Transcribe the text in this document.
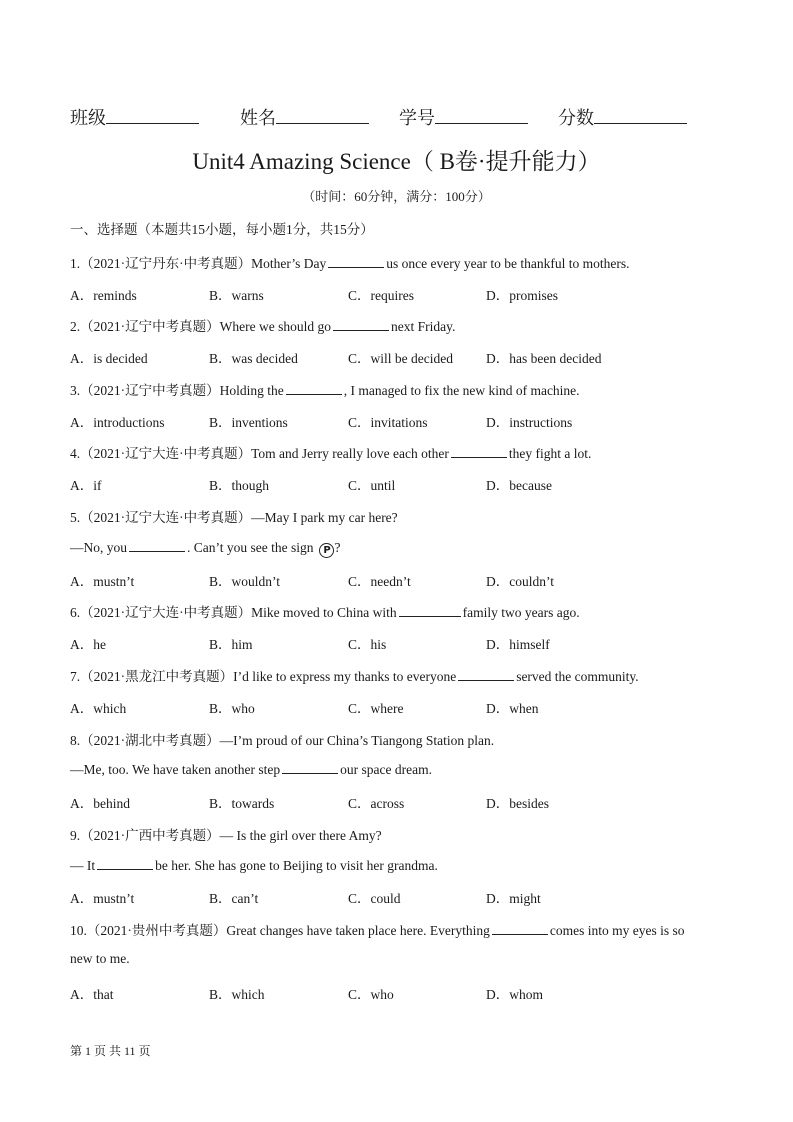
班级	姓名	学号	分数
Unit4 Amazing Science（ B卷·提升能力）
（时间：60分钟，满分：100分）
一、选择题（本题共15小题，每小题1分，共15分）
1.（2021·辽宁丹东·中考真题）Mother’s Day	us once every year to be thankful to mothers.
A．reminds	B．warns	C．requires	D．promises
2.（2021·辽宁中考真题）Where we should go	next Friday.
A．is decided	B．was decided	C．will be decided D．has been decided
3.（2021·辽宁中考真题）Holding the	, I managed to fix the new kind of machine.
A．introductions	B．inventions	C．invitations	D．instructions
4.（2021·辽宁大连·中考真题）Tom and Jerry really love each other	they fight a lot.
A．if	B．though	C．until	D．because
5.（2021·辽宁大连·中考真题）—May I park my car here?
—No, you	. Can’t you see the sign P ?
A．mustn’t	B．wouldn’t	C．needn’t	D．couldn’t
6.（2021·辽宁大连·中考真题）Mike moved to China with	family two years ago.
A．he	B．him	C．his	D．himself
7.（2021·黑龙江中考真题）I’d like to express my thanks to everyone	served the community.
A．which	B．who	C．where	D．when
8.（2021·湖北中考真题）—I’m proud of our China’s Tiangong Station plan.
—Me, too. We have taken another step	our space dream.
A．behind	B．towards	C．across	D．besides
9.（2021·广西中考真题）— Is the girl over there Amy?
— It	be her. She has gone to Beijing to visit her grandma.
A．mustn’t	B．can’t	C．could	D．might
10.（2021·贵州中考真题）Great changes have taken place here. Everything	comes into my eyes is so
new to me.
A．that	B．which	C．who	D．whom
第 1 页 共 11 页
